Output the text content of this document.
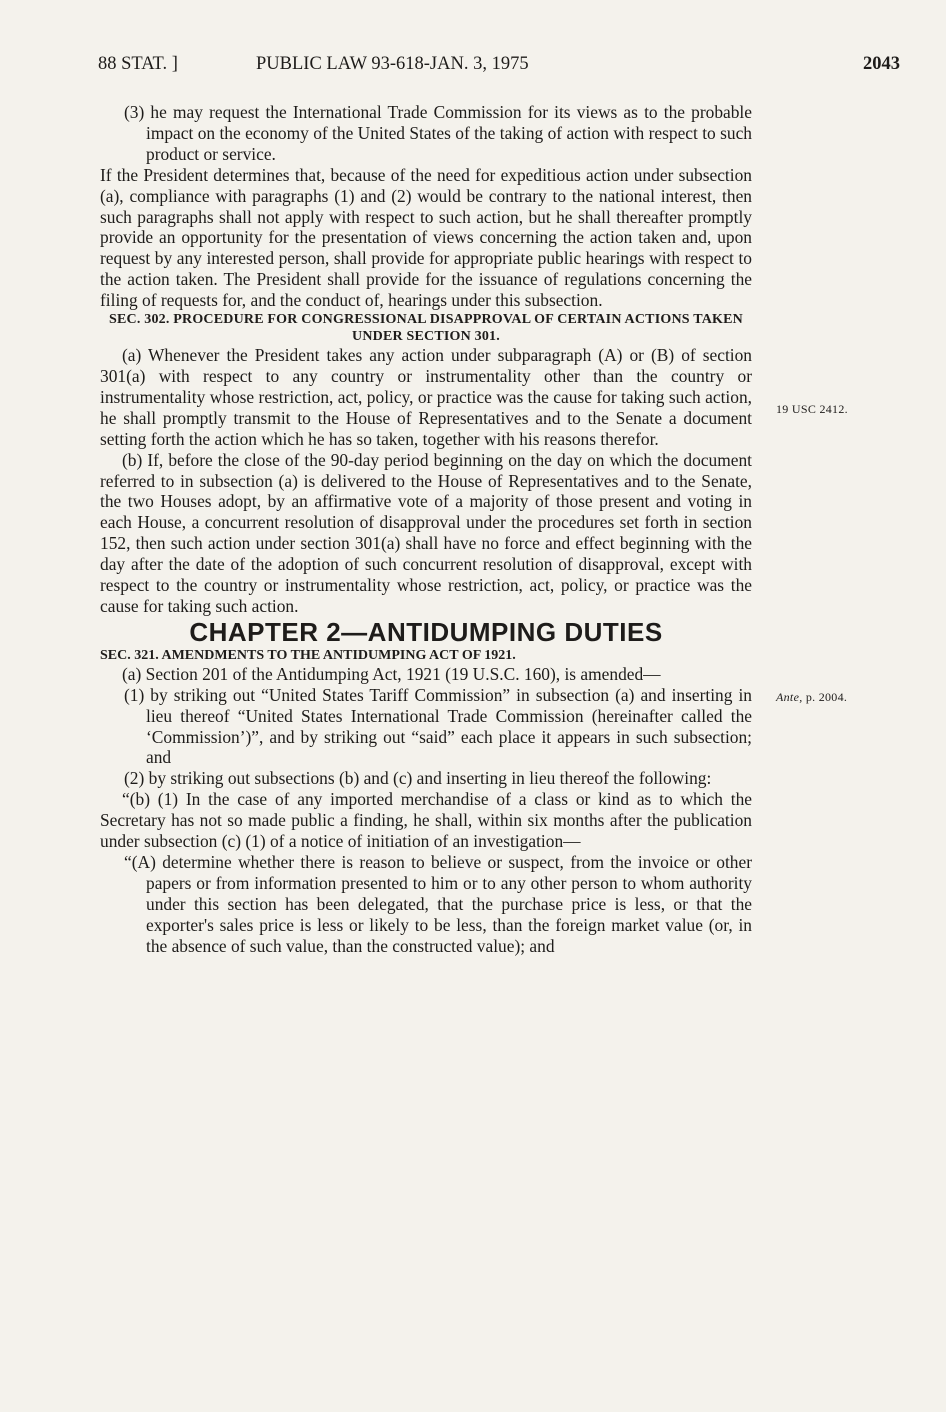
88 STAT. ]	PUBLIC LAW 93-618-JAN. 3, 1975	2043

(3) he may request the International Trade Commission for its views as to the probable impact on the economy of the United States of the taking of action with respect to such product or service.

If the President determines that, because of the need for expeditious action under subsection (a), compliance with paragraphs (1) and (2) would be contrary to the national interest, then such paragraphs shall not apply with respect to such action, but he shall thereafter promptly provide an opportunity for the presentation of views concerning the action taken and, upon request by any interested person, shall provide for appropriate public hearings with respect to the action taken. The President shall provide for the issuance of regulations concerning the filing of requests for, and the conduct of, hearings under this subsection.

SEC. 302. PROCEDURE FOR CONGRESSIONAL DISAPPROVAL OF CERTAIN ACTIONS TAKEN UNDER SECTION 301.

(a) Whenever the President takes any action under subparagraph (A) or (B) of section 301(a) with respect to any country or instrumentality other than the country or instrumentality whose restriction, act, policy, or practice was the cause for taking such action, he shall promptly transmit to the House of Representatives and to the Senate a document setting forth the action which he has so taken, together with his reasons therefor.

(b) If, before the close of the 90-day period beginning on the day on which the document referred to in subsection (a) is delivered to the House of Representatives and to the Senate, the two Houses adopt, by an affirmative vote of a majority of those present and voting in each House, a concurrent resolution of disapproval under the procedures set forth in section 152, then such action under section 301(a) shall have no force and effect beginning with the day after the date of the adoption of such concurrent resolution of disapproval, except with respect to the country or instrumentality whose restriction, act, policy, or practice was the cause for taking such action.

CHAPTER 2—ANTIDUMPING DUTIES

SEC. 321. AMENDMENTS TO THE ANTIDUMPING ACT OF 1921.

(a) Section 201 of the Antidumping Act, 1921 (19 U.S.C. 160), is amended—

(1) by striking out “United States Tariff Commission” in subsection (a) and inserting in lieu thereof “United States International Trade Commission (hereinafter called the ‘Commission’)”, and by striking out “said” each place it appears in such subsection; and

(2) by striking out subsections (b) and (c) and inserting in lieu thereof the following:

“(b) (1) In the case of any imported merchandise of a class or kind as to which the Secretary has not so made public a finding, he shall, within six months after the publication under subsection (c) (1) of a notice of initiation of an investigation—

“(A) determine whether there is reason to believe or suspect, from the invoice or other papers or from information presented to him or to any other person to whom authority under this section has been delegated, that the purchase price is less, or that the exporter's sales price is less or likely to be less, than the foreign market value (or, in the absence of such value, than the constructed value); and

19 USC 2412.
Ante, p. 2004.
